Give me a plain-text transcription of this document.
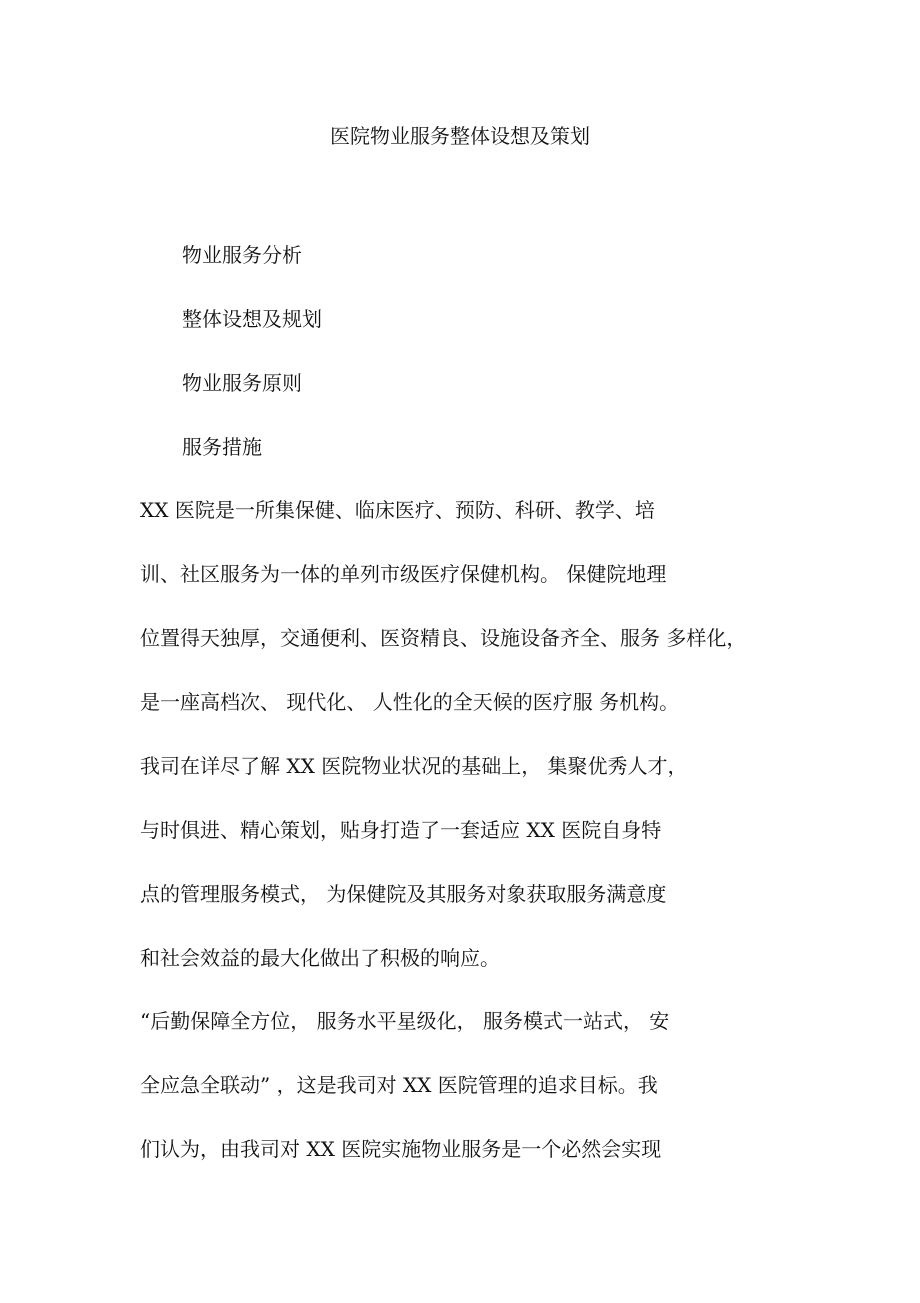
医院物业服务整体设想及策划
物业服务分析
整体设想及规划
物业服务原则
服务措施
XX 医院是一所集保健、临床医疗、预防、科研、教学、培
训、社区服务为一体的单列市级医疗保健机构。 保健院地理
位置得天独厚，交通便利、医资精良、设施设备齐全、服务 多样化，
是一座高档次、 现代化、 人性化的全天候的医疗服 务机构。
我司在详尽了解 XX 医院物业状况的基础上， 集聚优秀人才，
与时俱进、精心策划，贴身打造了一套适应 XX 医院自身特
点的管理服务模式， 为保健院及其服务对象获取服务满意度
和社会效益的最大化做出了积极的响应。
“后勤保障全方位， 服务水平星级化， 服务模式一站式， 安
全应急全联动” ，这是我司对 XX 医院管理的追求目标。我
们认为，由我司对 XX 医院实施物业服务是一个必然会实现
